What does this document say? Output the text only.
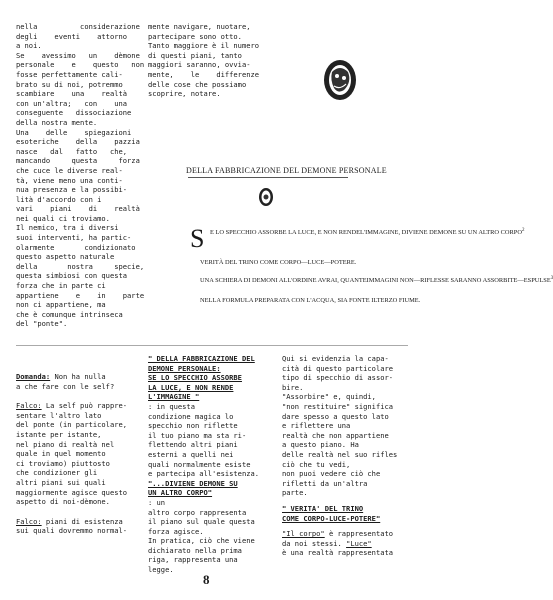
nella          considerazione
degli    eventi    attorno
a noi.
Se    avessimo   un    dèmone
personale    e    questo   non
fosse perfettamente cali-
brato su di noi, potremmo
scambiare    una    realtà
con un'altra;   con    una
conseguente   dissociazione
della nostra mente.
Una    delle    spiegazioni
esoteriche    della    pazzia
nasce   dal   fatto   che,
mancando     questa     forza
che cuce le diverse real-
tà, viene meno una conti-
nua presenza e la possibi-
lità d'accordo con i
vari    piani    di    realtà
nei quali ci troviamo.
Il nemico, tra i diversi
suoi interventi, ha partic-
olarmente       condizionato
questo aspetto naturale
della       nostra     specie,
questa simbiosi con questa
forza che in parte ci
appartiene    e    in    parte
non ci appartiene, ma
che è comunque intrinseca
del "ponte".
mente navigare, nuotare,
partecipare sono otto.
Tanto maggiore è il numero
di questi piani, tanto
maggiori saranno, ovvia-
mente,    le    differenze
delle cose che possiamo
scoprire, notare.
DELLA FABBRICAZIONE DEL DEMONE PERSONALE
S E LO SPECCHIO ASSORBE LA LUCE, E NON RENDEL'IMMAGINE, DIVIENE DEMONE SU UN ALTRO CORPO$^2$
VERITÀ DEL TRINO COME CORPO—LUCE—POTERE.
UNA SCHIERA DI DEMONI ALL'ORDINE AVRAI, QUANTEIMMAGINI NON—RIFLESSE SARANNO ASSORBITE—ESPULSE$^3$
NELLA FORMULA PREPARATA CON L'ACQUA, SIA FONTE ILTERZO FIUME.
Domanda: Non ha nulla
a che fare con le self?
Falco: La self può rappre-
sentare l'altro lato
del ponte (in particolare,
istante per istante,
nel piano di realtà nel
quale in quel momento
ci troviamo) piuttosto
che condizioner gli
altri piani sui quali
maggiormente agisce questo
aspetto di noi-dèmone.
Falco: piani di esistenza
sui quali dovremmo normal-
" DELLA FABBRICAZIONE DEL
DEMONE PERSONALE:
SE LO SPECCHIO ASSORBE
LA LUCE, E NON RENDE
L'IMMAGINE "
: in questa
condizione magica lo
specchio non riflette
il tuo piano ma sta ri-
flettendo altri piani
esterni a quelli nei
quali normalmente esiste
e partecipa all'esistenza.
"...DIVIENE DEMONE SU
UN ALTRO CORPO"
: un
altro corpo rappresenta
il piano sul quale questa
forza agisce.
In pratica, ciò che viene
dichiarato nella prima
riga, rappresenta una
legge.
Qui si evidenzia la capa-
cità di questo particolare
tipo di specchio di assor-
bire.
"Assorbire" e, quindi,
"non restituire" significa
dare spesso a questo lato
e riflettere una
realtà che non appartiene
a questo piano. Ha
delle realtà nel suo rifles
ciò che tu vedi,
non puoi vedere ciò che
rifletti da un'altra
parte.
" VERITA' DEL TRINO
COME CORPO-LUCE-POTERE"
"Il corpo" è rappresentato
da noi stessi. "Luce"
è una realtà rappresentata
8
